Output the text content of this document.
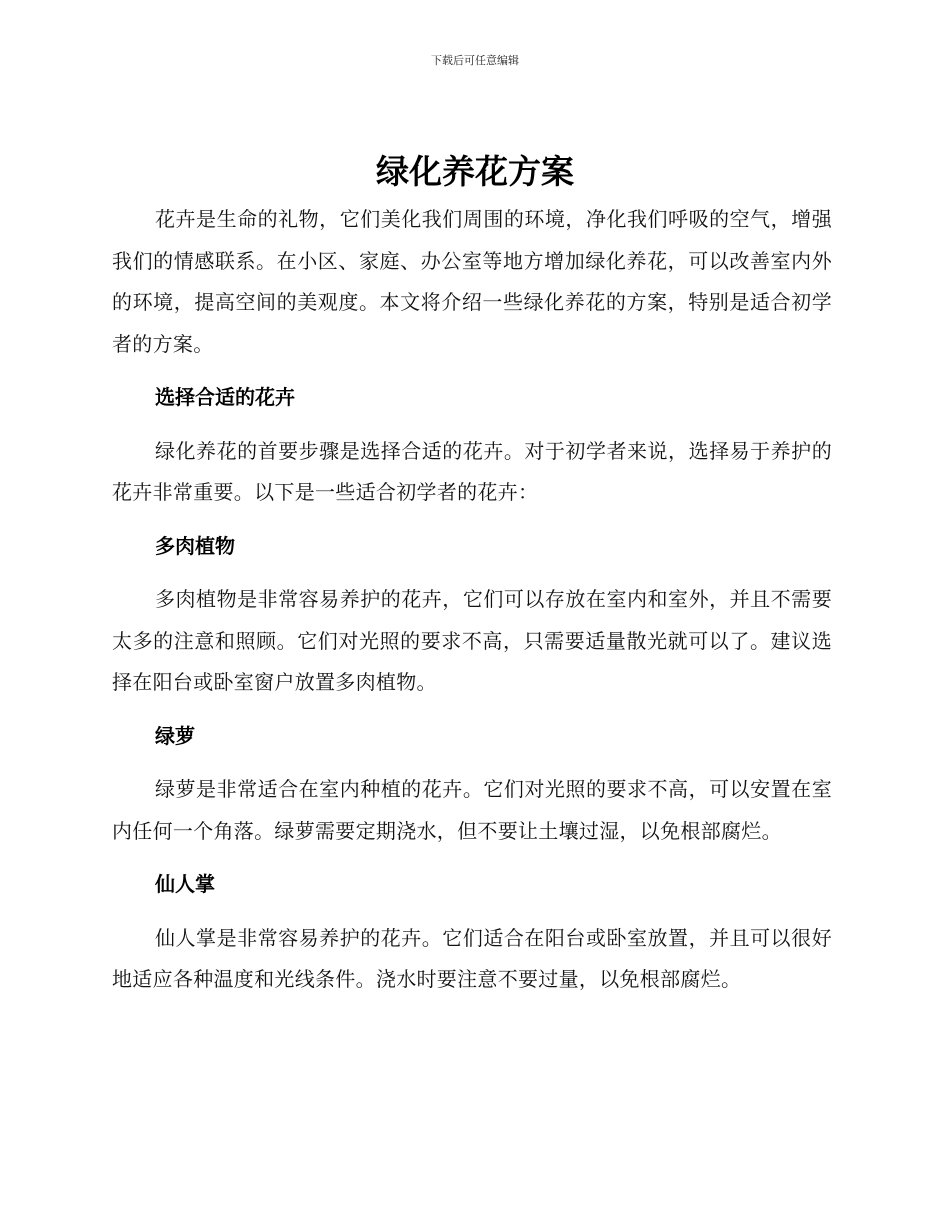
下载后可任意编辑
绿化养花方案

花卉是生命的礼物，它们美化我们周围的环境，净化我们呼吸的空气，增强我们的情感联系。在小区、家庭、办公室等地方增加绿化养花，可以改善室内外的环境，提高空间的美观度。本文将介绍一些绿化养花的方案，特别是适合初学者的方案。

选择合适的花卉

绿化养花的首要步骤是选择合适的花卉。对于初学者来说，选择易于养护的花卉非常重要。以下是一些适合初学者的花卉：

多肉植物

多肉植物是非常容易养护的花卉，它们可以存放在室内和室外，并且不需要太多的注意和照顾。它们对光照的要求不高，只需要适量散光就可以了。建议选择在阳台或卧室窗户放置多肉植物。

绿萝

绿萝是非常适合在室内种植的花卉。它们对光照的要求不高，可以安置在室内任何一个角落。绿萝需要定期浇水，但不要让土壤过湿，以免根部腐烂。

仙人掌

仙人掌是非常容易养护的花卉。它们适合在阳台或卧室放置，并且可以很好地适应各种温度和光线条件。浇水时要注意不要过量，以免根部腐烂。
